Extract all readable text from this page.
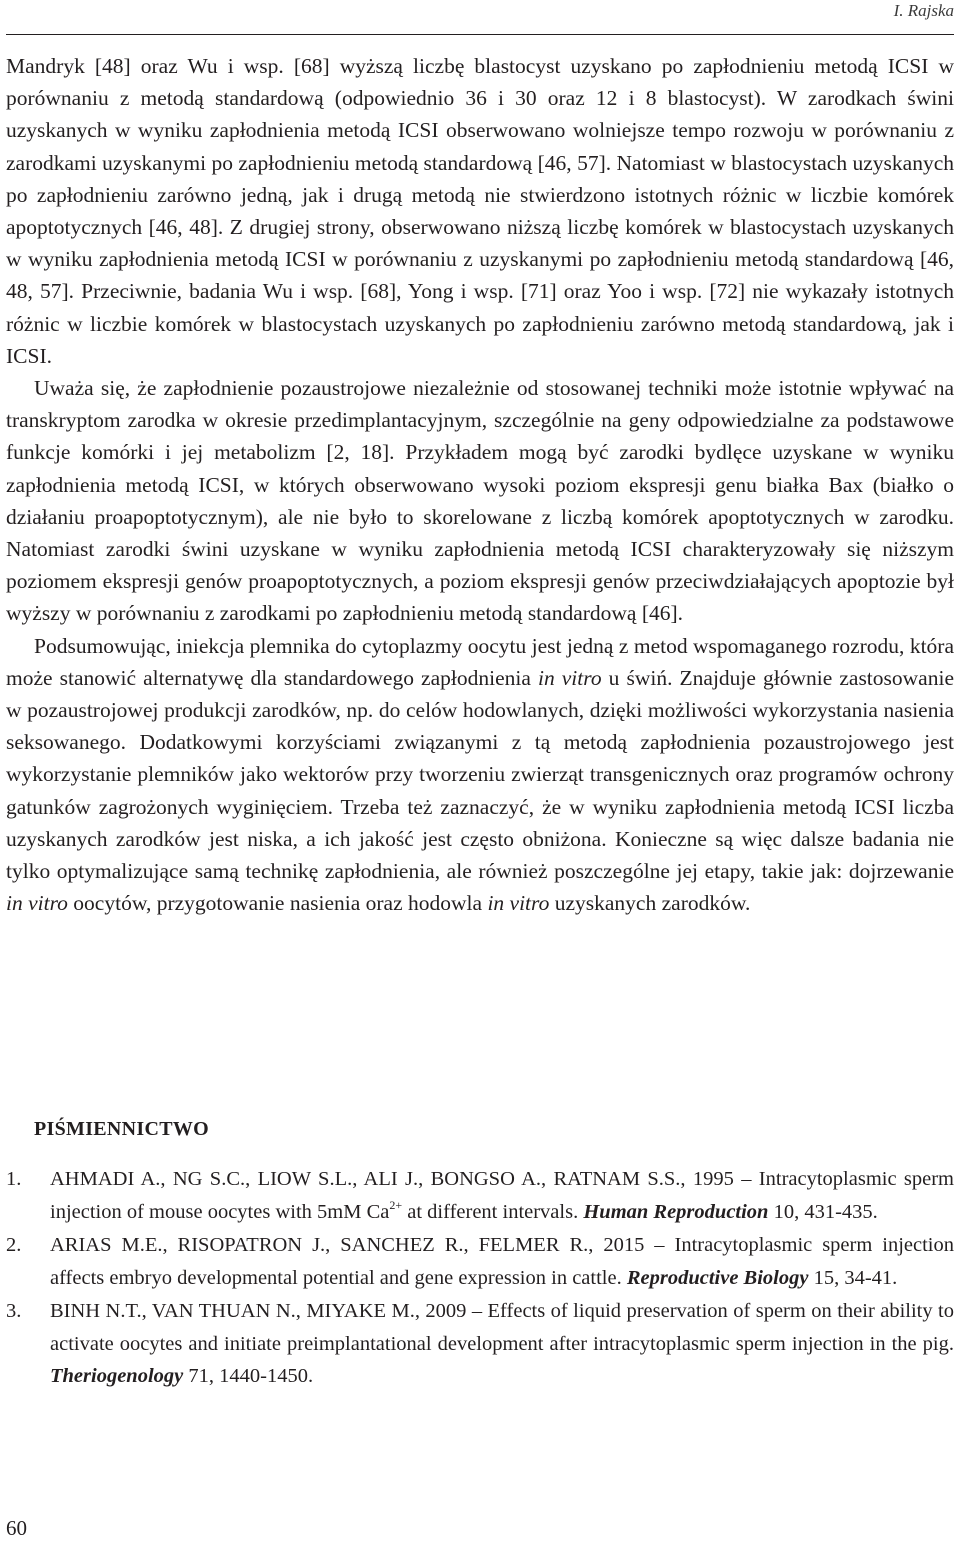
I. Rajska

Mandryk [48] oraz Wu i wsp. [68] wyższą liczbę blastocyst uzyskano po zapłodnieniu metodą ICSI w porównaniu z metodą standardową (odpowiednio 36 i 30 oraz 12 i 8 blastocyst). W zarodkach świni uzyskanych w wyniku zapłodnienia metodą ICSI obserwowano wolniejsze tempo rozwoju w porównaniu z zarodkami uzyskanymi po zapłodnieniu metodą standardową [46, 57]. Natomiast w blastocystach uzyskanych po zapłodnieniu zarówno jedną, jak i drugą metodą nie stwierdzono istotnych różnic w liczbie komórek apoptotycznych [46, 48]. Z drugiej strony, obserwowano niższą liczbę komórek w blastocystach uzyskanych w wyniku zapłodnienia metodą ICSI w porównaniu z uzyskanymi po zapłodnieniu metodą standardową [46, 48, 57]. Przeciwnie, badania Wu i wsp. [68], Yong i wsp. [71] oraz Yoo i wsp. [72] nie wykazały istotnych różnic w liczbie komórek w blastocystach uzyskanych po zapłodnieniu zarówno metodą standardową, jak i ICSI.

Uważa się, że zapłodnienie pozaustrojowe niezależnie od stosowanej techniki może istotnie wpływać na transkryptom zarodka w okresie przedimplantacyjnym, szczególnie na geny odpowiedzialne za podstawowe funkcje komórki i jej metabolizm [2, 18]. Przykładem mogą być zarodki bydlęce uzyskane w wyniku zapłodnienia metodą ICSI, w których obserwowano wysoki poziom ekspresji genu białka Bax (białko o działaniu proapoptotycznym), ale nie było to skorelowane z liczbą komórek apoptotycznych w zarodku. Natomiast zarodki świni uzyskane w wyniku zapłodnienia metodą ICSI charakteryzowały się niższym poziomem ekspresji genów proapoptotycznych, a poziom ekspresji genów przeciwdziałających apoptozie był wyższy w porównaniu z zarodkami po zapłodnieniu metodą standardową [46].

Podsumowując, iniekcja plemnika do cytoplazmy oocytu jest jedną z metod wspomaganego rozrodu, która może stanowić alternatywę dla standardowego zapłodnienia in vitro u świń. Znajduje głównie zastosowanie w pozaustrojowej produkcji zarodków, np. do celów hodowlanych, dzięki możliwości wykorzystania nasienia seksowanego. Dodatkowymi korzyściami związanymi z tą metodą zapłodnienia pozaustrojowego jest wykorzystanie plemników jako wektorów przy tworzeniu zwierząt transgenicznych oraz programów ochrony gatunków zagrożonych wyginięciem. Trzeba też zaznaczyć, że w wyniku zapłodnienia metodą ICSI liczba uzyskanych zarodków jest niska, a ich jakość jest często obniżona. Konieczne są więc dalsze badania nie tylko optymalizujące samą technikę zapłodnienia, ale również poszczególne jej etapy, takie jak: dojrzewanie in vitro oocytów, przygotowanie nasienia oraz hodowla in vitro uzyskanych zarodków.

PIŚMIENNICTWO
1. AHMADI A., NG S.C., LIOW S.L., ALI J., BONGSO A., RATNAM S.S., 1995 – Intracytoplasmic sperm injection of mouse oocytes with 5mM $Ca^{2+}$ at different intervals. Human Reproduction 10, 431-435.
2. ARIAS M.E., RISOPATRON J., SANCHEZ R., FELMER R., 2015 – Intracytoplasmic sperm injection affects embryo developmental potential and gene expression in cattle. Reproductive Biology 15, 34-41.
3. BINH N.T., VAN THUAN N., MIYAKE M., 2009 – Effects of liquid preservation of sperm on their ability to activate oocytes and initiate preimplantational development after intracytoplasmic sperm injection in the pig. Theriogenology 71, 1440-1450.
60
